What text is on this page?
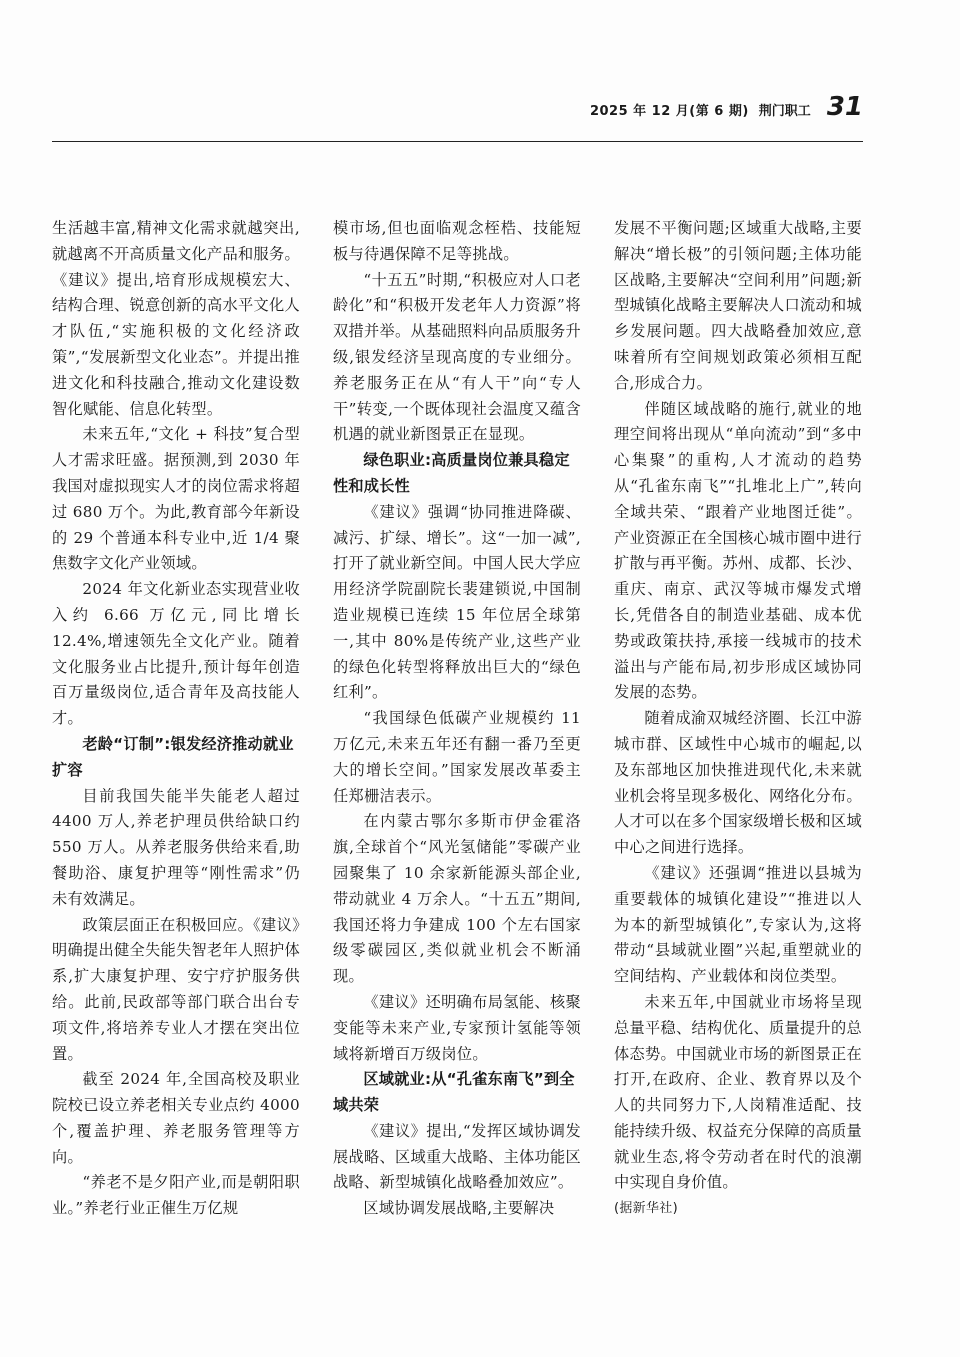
2025 年 12 月(第 6 期) 荆门职工 31

生活越丰富,精神文化需求就越突出,就越离不开高质量文化产品和服务。《建议》提出,培育形成规模宏大、结构合理、锐意创新的高水平文化人才队伍,“实施积极的文化经济政策”,“发展新型文化业态”。并提出推进文化和科技融合,推动文化建设数智化赋能、信息化转型。

未来五年,“文化 + 科技”复合型人才需求旺盛。据预测,到 2030 年我国对虚拟现实人才的岗位需求将超过 680 万个。为此,教育部今年新设的 29 个普通本科专业中,近 1/4 聚焦数字文化产业领域。

2024 年文化新业态实现营业收入约 6.66 万亿元,同比增长 12.4%,增速领先全文化产业。随着文化服务业占比提升,预计每年创造百万量级岗位,适合青年及高技能人才。

老龄“订制”:银发经济推动就业扩容

目前我国失能半失能老人超过 4400 万人,养老护理员供给缺口约 550 万人。从养老服务供给来看,助餐助浴、康复护理等“刚性需求”仍未有效满足。

政策层面正在积极回应。《建议》明确提出健全失能失智老年人照护体系,扩大康复护理、安宁疗护服务供给。此前,民政部等部门联合出台专项文件,将培养专业人才摆在突出位置。

截至 2024 年,全国高校及职业院校已设立养老相关专业点约 4000 个,覆盖护理、养老服务管理等方向。

“养老不是夕阳产业,而是朝阳职业。”养老行业正催生万亿规

模市场,但也面临观念桎梏、技能短板与待遇保障不足等挑战。

“十五五”时期,“积极应对人口老龄化”和“积极开发老年人力资源”将双措并举。从基础照料向品质服务升级,银发经济呈现高度的专业细分。养老服务正在从“有人干”向“专人干”转变,一个既体现社会温度又蕴含机遇的就业新图景正在显现。

绿色职业:高质量岗位兼具稳定性和成长性

《建议》强调“协同推进降碳、减污、扩绿、增长”。这“一加一减”,打开了就业新空间。中国人民大学应用经济学院副院长裴建锁说,中国制造业规模已连续 15 年位居全球第一,其中 80%是传统产业,这些产业的绿色化转型将释放出巨大的“绿色红利”。

“我国绿色低碳产业规模约 11 万亿元,未来五年还有翻一番乃至更大的增长空间。”国家发展改革委主任郑栅洁表示。

在内蒙古鄂尔多斯市伊金霍洛旗,全球首个“风光氢储能”零碳产业园聚集了 10 余家新能源头部企业,带动就业 4 万余人。“十五五”期间,我国还将力争建成 100 个左右国家级零碳园区,类似就业机会不断涌现。

《建议》还明确布局氢能、核聚变能等未来产业,专家预计氢能等领域将新增百万级岗位。

区域就业:从“孔雀东南飞”到全域共荣

《建议》提出,“发挥区域协调发展战略、区域重大战略、主体功能区战略、新型城镇化战略叠加效应”。

区域协调发展战略,主要解决

发展不平衡问题;区域重大战略,主要解决“增长极”的引领问题;主体功能区战略,主要解决“空间利用”问题;新型城镇化战略主要解决人口流动和城乡发展问题。四大战略叠加效应,意味着所有空间规划政策必须相互配合,形成合力。

伴随区域战略的施行,就业的地理空间将出现从“单向流动”到“多中心集聚”的重构,人才流动的趋势从“孔雀东南飞”“扎堆北上广”,转向全域共荣、“跟着产业地图迁徙”。产业资源正在全国核心城市圈中进行扩散与再平衡。苏州、成都、长沙、重庆、南京、武汉等城市爆发式增长,凭借各自的制造业基础、成本优势或政策扶持,承接一线城市的技术溢出与产能布局,初步形成区域协同发展的态势。

随着成渝双城经济圈、长江中游城市群、区域性中心城市的崛起,以及东部地区加快推进现代化,未来就业机会将呈现多极化、网络化分布。人才可以在多个国家级增长极和区域中心之间进行选择。

《建议》还强调“推进以县城为重要载体的城镇化建设”“推进以人为本的新型城镇化”,专家认为,这将带动“县域就业圈”兴起,重塑就业的空间结构、产业载体和岗位类型。

未来五年,中国就业市场将呈现总量平稳、结构优化、质量提升的总体态势。中国就业市场的新图景正在打开,在政府、企业、教育界以及个人的共同努力下,人岗精准适配、技能持续升级、权益充分保障的高质量就业生态,将令劳动者在时代的浪潮中实现自身价值。

(据新华社)
